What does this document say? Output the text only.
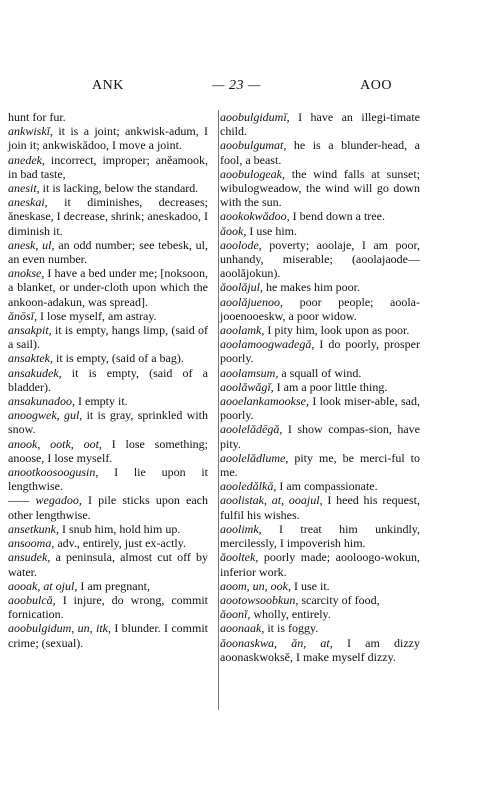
ANK	— 23 —	AOO

hunt for fur.

ankwiskĭ, it is a joint; ankwisk-adum, I join it; ankwiskădoo, I move a joint.

anedek, incorrect, improper; anĕamook, in bad taste,

anesit, it is lacking, below the standard.

aneskai, it diminishes, decreases; ăneskase, I decrease, shrink; aneskadoo, I diminish it.

anesk, ul, an odd number; see tebesk, ul, an even number.

anokse, I have a bed under me; [noksoon, a blanket, or under-cloth upon which the ankoon-adakun, was spread].

ănōsĭ, I lose myself, am astray.

ansakpit, it is empty, hangs limp, (said of a sail).

ansaktek, it is empty, (said of a bag).

ansakudek, it is empty, (said of a bladder).

ansakunadoo, I empty it.

anoogwek, gul, it is gray, sprinkled with snow.

anook, ootk, oot, I lose something; anoose, I lose myself.

anootkoosoogusin, I lie upon it lengthwise.

—— wegadoo, I pile sticks upon each other lengthwise.

ansetkunk, I snub him, hold him up.

ansooma, adv., entirely, just ex-actly.

ansudek, a peninsula, almost cut off by water.

aooak, at ojul, I am pregnant,

aoobulcă, I injure, do wrong, commit fornication.

aoobulgidum, un, itk, I blunder. I commit crime; (sexual).

aoobulgidumĭ, I have an illegi-timate child.

aoobulgumat, he is a blunder-head, a fool, a beast.

aoobulogeak, the wind falls at sunset; wibulogweadow, the wind will go down with the sun.

aookokwădoo, I bend down a tree.

ăook, I use him.

aoolode, poverty; aoolaje, I am poor, unhandy, miserable; (aoolajaode—aoolăjokun).

ăoolăjul, he makes him poor.

aoolăjuenoo, poor people; aoola-jooenooeskw, a poor widow.

aoolamk, I pity him, look upon as poor.

aoolamoogwadegă, I do poorly, prosper poorly.

aoolamsum, a squall of wind.

aoolăwăgĭ, I am a poor little thing.

aooelankamookse, I look miser-able, sad, poorly.

aoolelădēgă, I show compas-sion, have pity.

aoolelădlume, pity me, be merci-ful to me.

aooledălkă, I am compassionate.

aoolistak, at, ooajul, I heed his request, fulfil his wishes.

aoolimk, I treat him unkindly, mercilessly, I impoverish him.

ăooltek, poorly made; aooloogo-wokun, inferior work.

aoom, un, ook, I use it.

aootowsoobkun, scarcity of food,

ăoonĭ, wholly, entirely.

aoonaak, it is foggy.

ăoonaskwa, ăn, at, I am dizzy aoonaskwoksĕ, I make myself dizzy.
